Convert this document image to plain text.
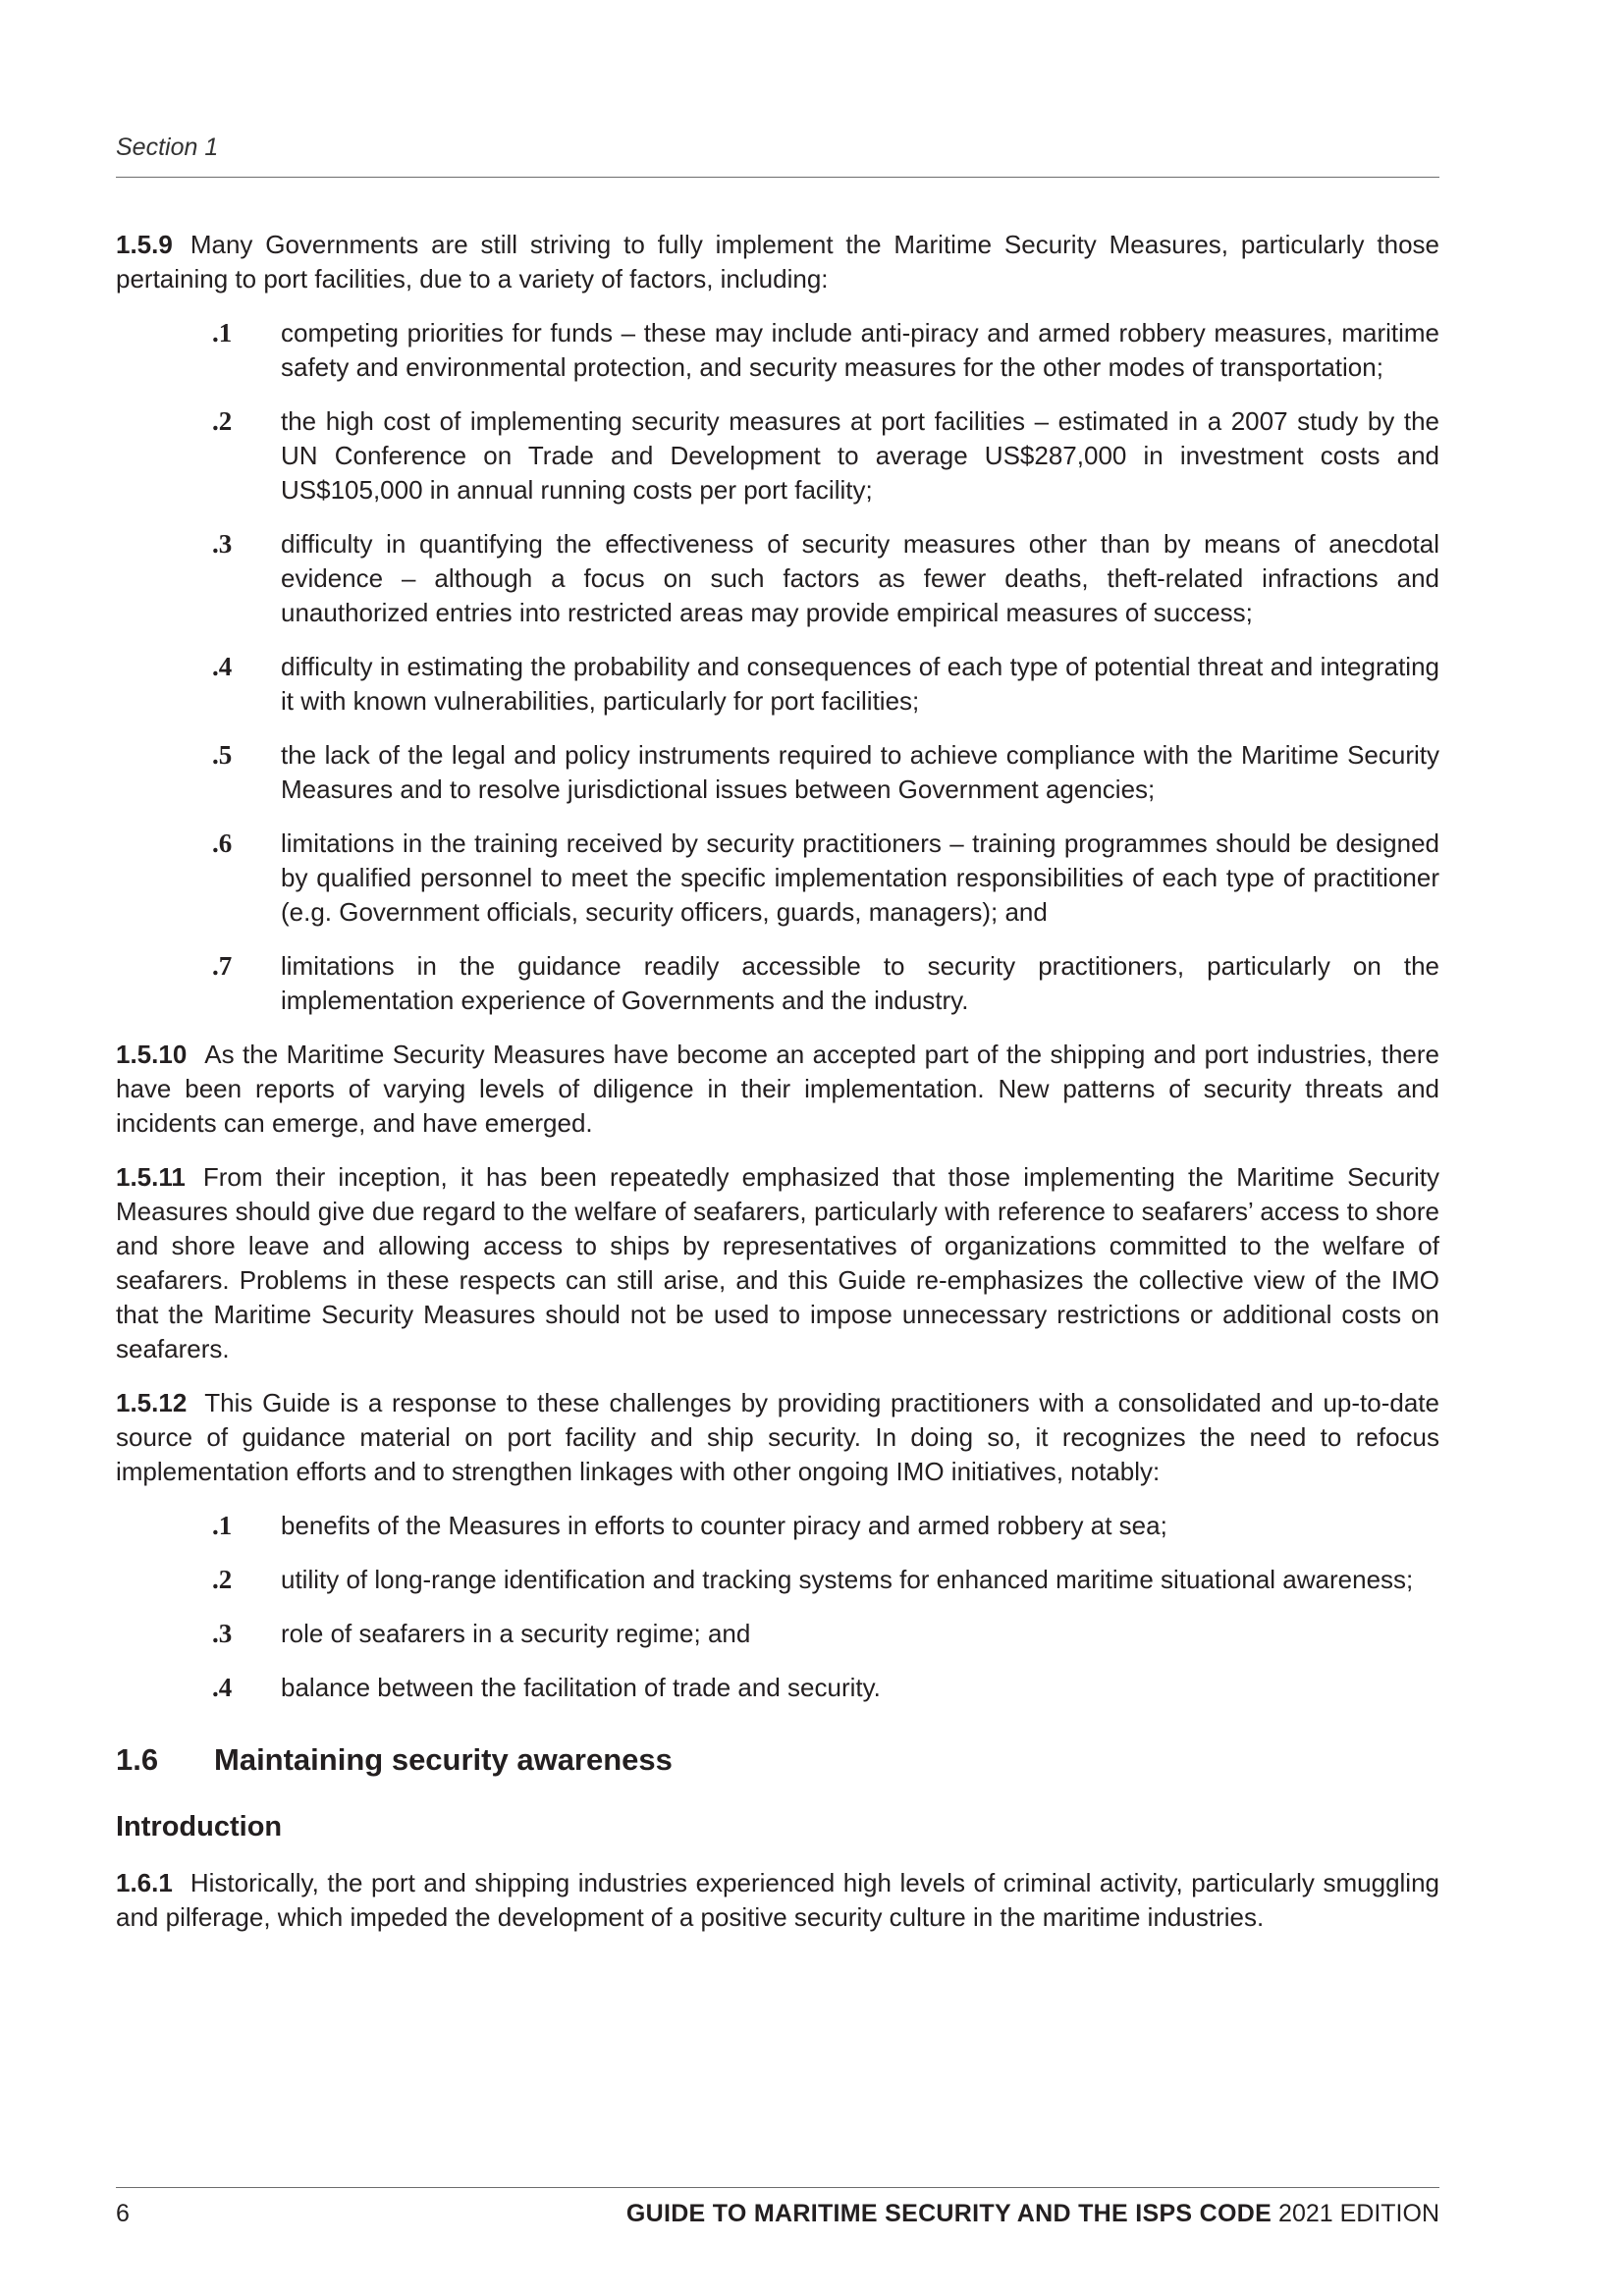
Section 1

1.5.9 Many Governments are still striving to fully implement the Maritime Security Measures, particularly those pertaining to port facilities, due to a variety of factors, including:

.1 competing priorities for funds – these may include anti-piracy and armed robbery measures, maritime safety and environmental protection, and security measures for the other modes of transportation;
.2 the high cost of implementing security measures at port facilities – estimated in a 2007 study by the UN Conference on Trade and Development to average US$287,000 in investment costs and US$105,000 in annual running costs per port facility;
.3 difficulty in quantifying the effectiveness of security measures other than by means of anecdotal evidence – although a focus on such factors as fewer deaths, theft-related infractions and unauthorized entries into restricted areas may provide empirical measures of success;
.4 difficulty in estimating the probability and consequences of each type of potential threat and integrating it with known vulnerabilities, particularly for port facilities;
.5 the lack of the legal and policy instruments required to achieve compliance with the Maritime Security Measures and to resolve jurisdictional issues between Government agencies;
.6 limitations in the training received by security practitioners – training programmes should be designed by qualified personnel to meet the specific implementation responsibilities of each type of practitioner (e.g. Government officials, security officers, guards, managers); and
.7 limitations in the guidance readily accessible to security practitioners, particularly on the implementation experience of Governments and the industry.

1.5.10 As the Maritime Security Measures have become an accepted part of the shipping and port industries, there have been reports of varying levels of diligence in their implementation. New patterns of security threats and incidents can emerge, and have emerged.

1.5.11 From their inception, it has been repeatedly emphasized that those implementing the Maritime Security Measures should give due regard to the welfare of seafarers, particularly with reference to seafarers’ access to shore and shore leave and allowing access to ships by representatives of organizations committed to the welfare of seafarers. Problems in these respects can still arise, and this Guide re-emphasizes the collective view of the IMO that the Maritime Security Measures should not be used to impose unnecessary restrictions or additional costs on seafarers.

1.5.12 This Guide is a response to these challenges by providing practitioners with a consolidated and up-to-date source of guidance material on port facility and ship security. In doing so, it recognizes the need to refocus implementation efforts and to strengthen linkages with other ongoing IMO initiatives, notably:

.1 benefits of the Measures in efforts to counter piracy and armed robbery at sea;
.2 utility of long-range identification and tracking systems for enhanced maritime situational awareness;
.3 role of seafarers in a security regime; and
.4 balance between the facilitation of trade and security.
1.6 Maintaining security awareness
Introduction

1.6.1 Historically, the port and shipping industries experienced high levels of criminal activity, particularly smuggling and pilferage, which impeded the development of a positive security culture in the maritime industries.

6	GUIDE TO MARITIME SECURITY AND THE ISPS CODE 2021 EDITION
